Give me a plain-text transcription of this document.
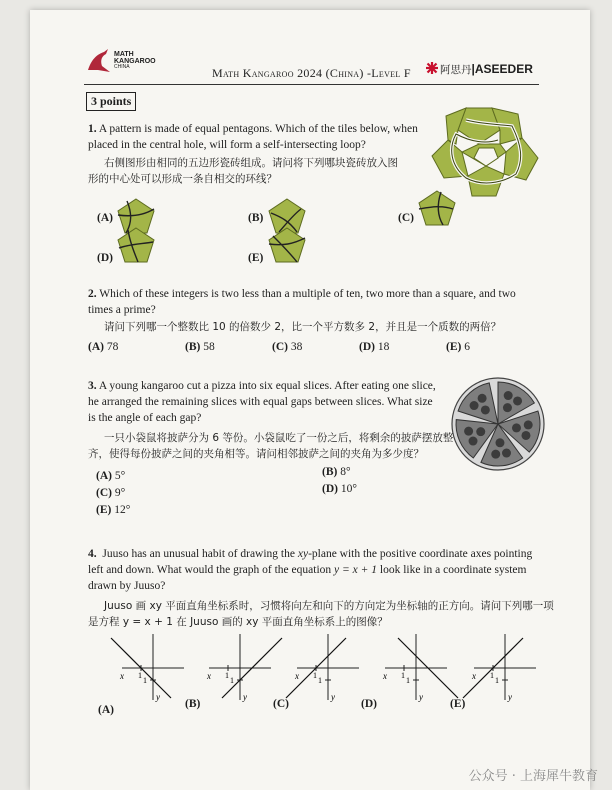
MATH
KANGAROO
CHINA	Math Kangaroo 2024 (China) -Level F	阿思丹|ASEEDER
3 points
1. A pattern is made of equal pentagons. Which of the tiles below, when placed in the central hole, will form a self-intersecting loop?
右侧图形由相同的五边形瓷砖组成。请问将下列哪块瓷砖放入图
形的中心处可以形成一条自相交的环线？
(A)	(B)	(C)
(D)	(E)
2. Which of these integers is two less than a multiple of ten, two more than a square, and two times a prime?
请问下列哪一个整数比 10 的倍数少 2，比一个平方数多 2，并且是一个质数的两倍？
(A) 78	(B) 58	(C) 38	(D) 18	(E) 6
3. A young kangaroo cut a pizza into six equal slices. After eating one slice, he arranged the remaining slices with equal gaps between slices. What size is the angle of each gap?
一只小袋鼠将披萨分为 6 等份。小袋鼠吃了一份之后，将剩余的披萨摆放整
齐，使得每份披萨之间的夹角相等。请问相邻披萨之间的夹角为多少度？
(A) 5°	(B) 8°
(C) 9°	(D) 10°
(E) 12°
4. Juuso has an unusual habit of drawing the xy-plane with the positive coordinate axes pointing left and down. What would the graph of the equation y = x + 1 look like in a coordinate system drawn by Juuso?
Juuso 画 xy 平面直角坐标系时，习惯将向左和向下的方向定为坐标轴的正方向。请问下列哪一项
是方程 y = x + 1 在 Juuso 画的 xy 平面直角坐标系上的图像？
x
y
1
1
(A)
x
y
1
1
(B)
x
y
1
1
(C)
x
y
1
1
(D)
x
y
1
1
(E)
公众号 · 上海犀牛教育
